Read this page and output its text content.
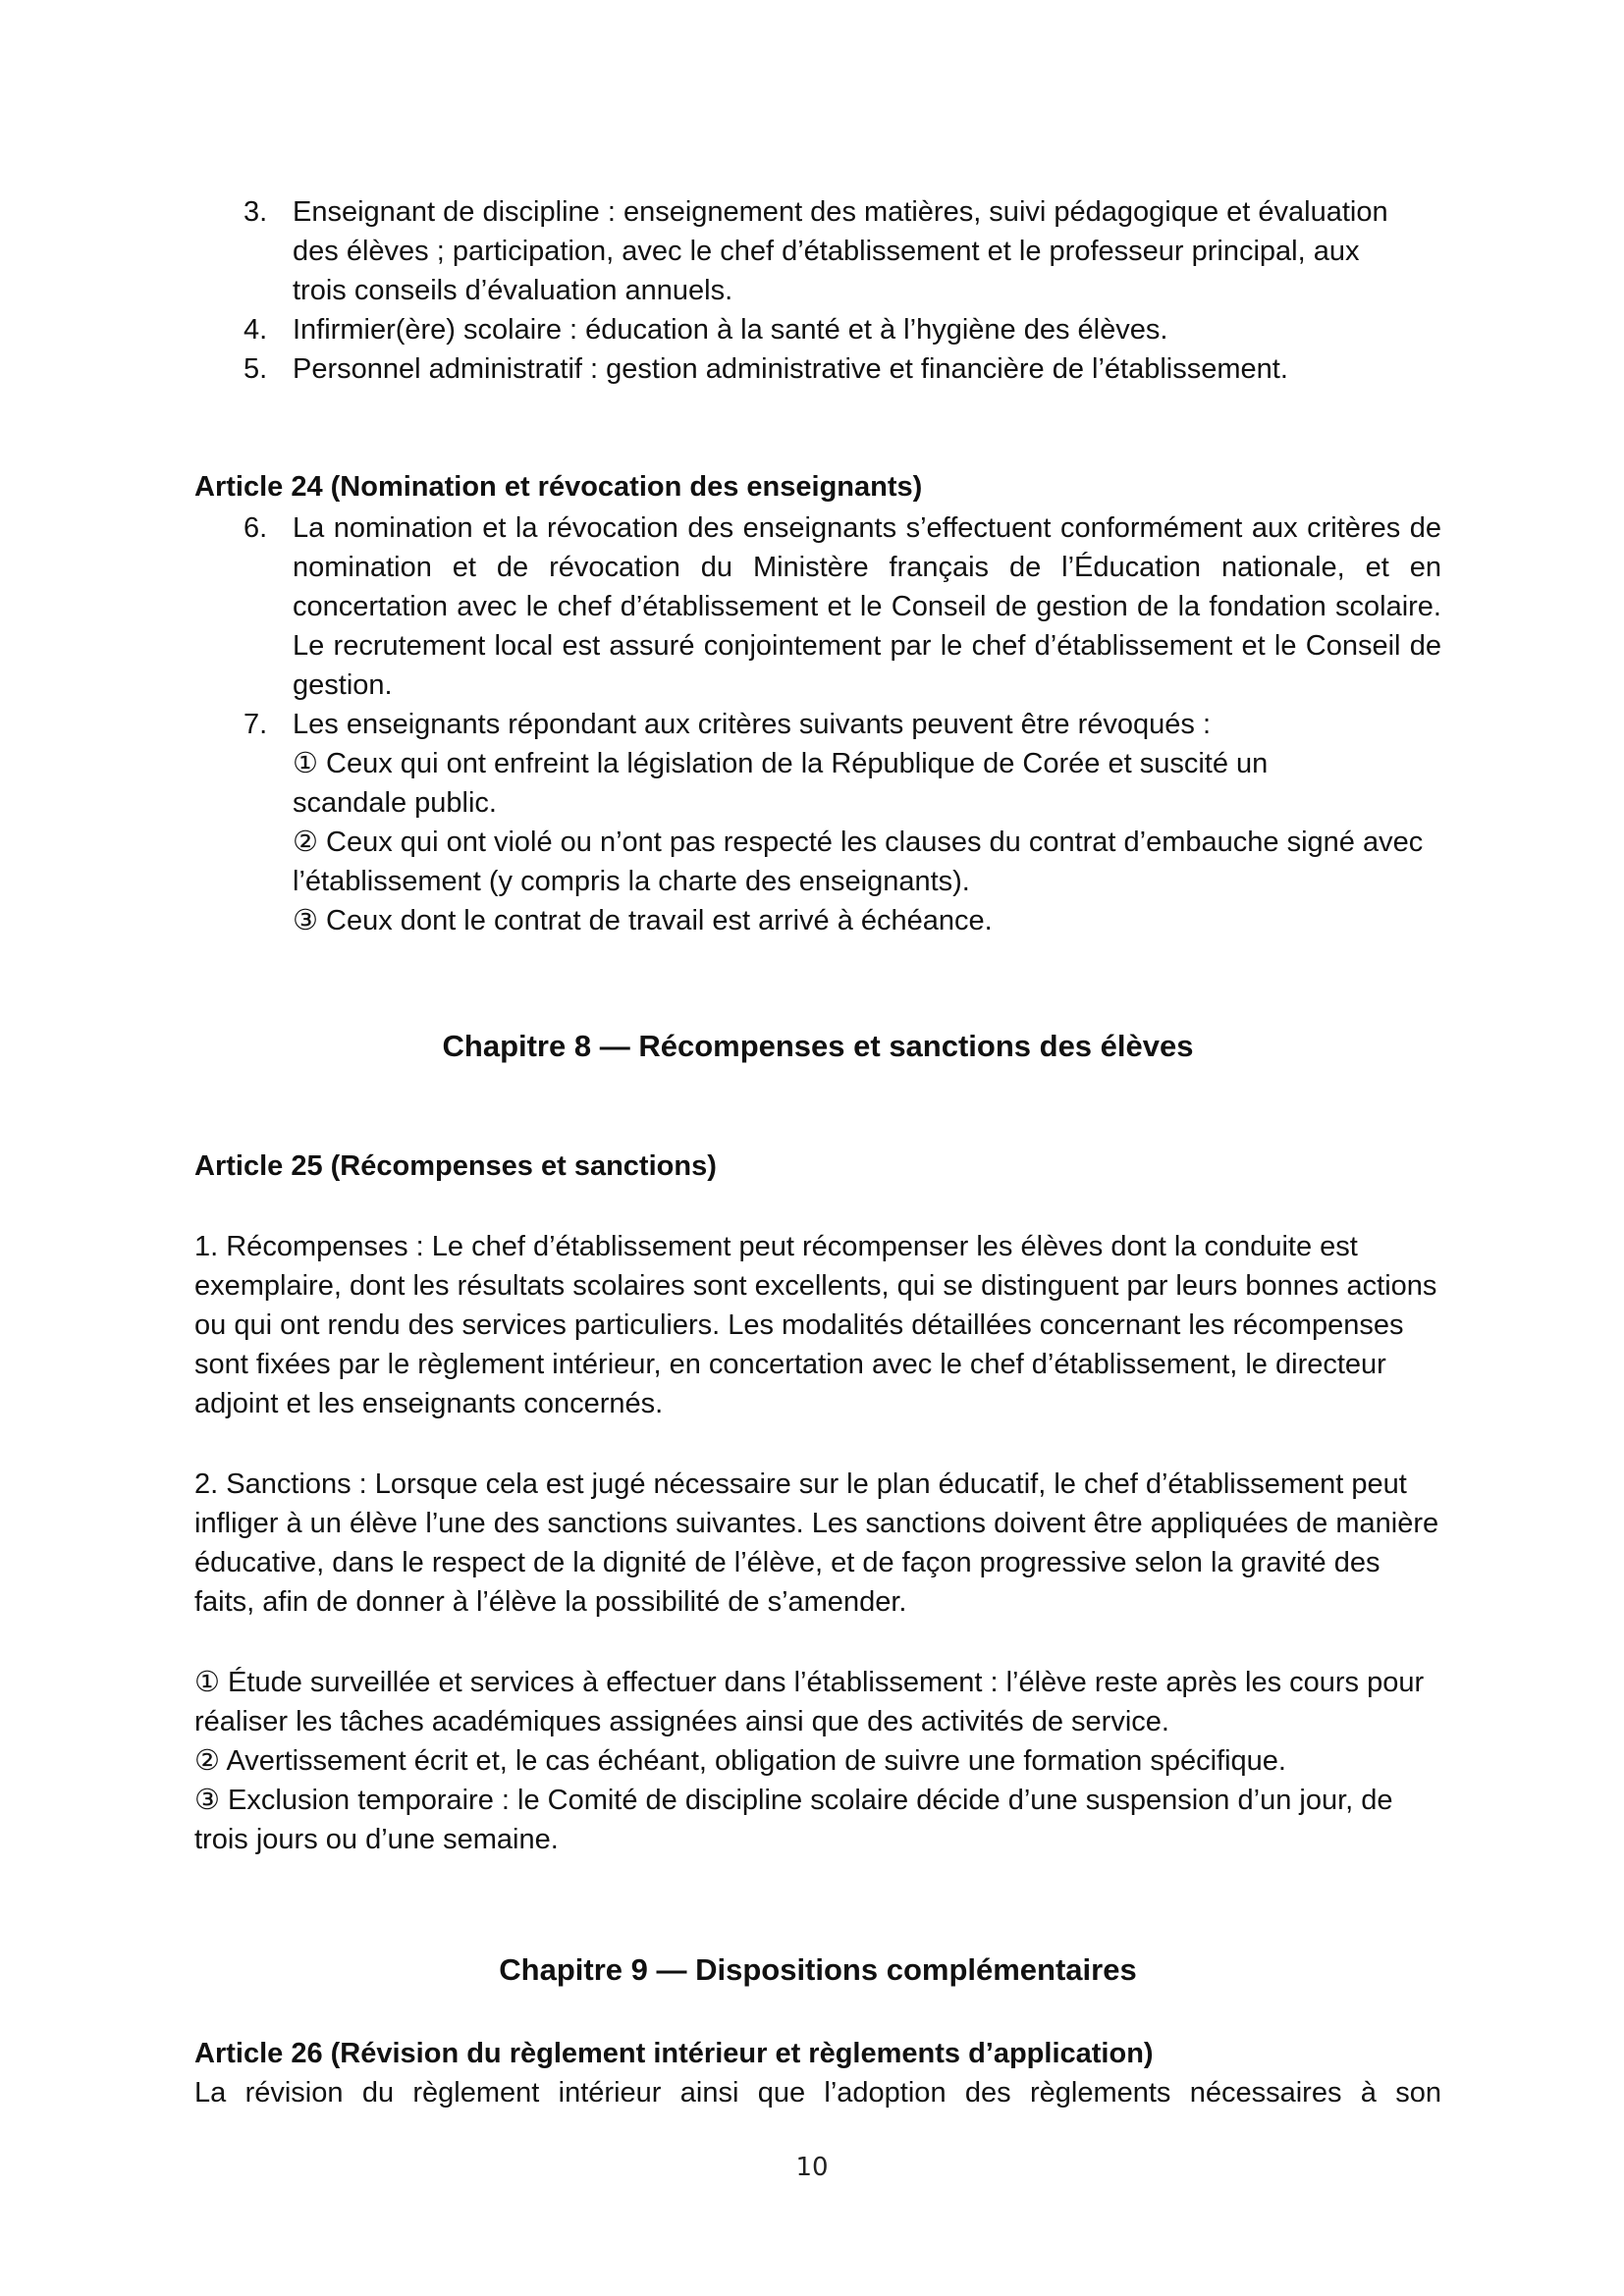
3. Enseignant de discipline : enseignement des matières, suivi pédagogique et évaluation des élèves ; participation, avec le chef d’établissement et le professeur principal, aux trois conseils d’évaluation annuels.
4. Infirmier(ère) scolaire : éducation à la santé et à l’hygiène des élèves.
5. Personnel administratif : gestion administrative et financière de l’établissement.
Article 24 (Nomination et révocation des enseignants)
6. La nomination et la révocation des enseignants s’effectuent conformément aux critères de nomination et de révocation du Ministère français de l’Éducation nationale, et en concertation avec le chef d’établissement et le Conseil de gestion de la fondation scolaire. Le recrutement local est assuré conjointement par le chef d’établissement et le Conseil de gestion.
7. Les enseignants répondant aux critères suivants peuvent être révoqués :
① Ceux qui ont enfreint la législation de la République de Corée et suscité un scandale public.
② Ceux qui ont violé ou n’ont pas respecté les clauses du contrat d’embauche signé avec l’établissement (y compris la charte des enseignants).
③ Ceux dont le contrat de travail est arrivé à échéance.
Chapitre 8 — Récompenses et sanctions des élèves
Article 25 (Récompenses et sanctions)
1. Récompenses : Le chef d’établissement peut récompenser les élèves dont la conduite est exemplaire, dont les résultats scolaires sont excellents, qui se distinguent par leurs bonnes actions ou qui ont rendu des services particuliers. Les modalités détaillées concernant les récompenses sont fixées par le règlement intérieur, en concertation avec le chef d’établissement, le directeur adjoint et les enseignants concernés.
2. Sanctions : Lorsque cela est jugé nécessaire sur le plan éducatif, le chef d’établissement peut infliger à un élève l’une des sanctions suivantes. Les sanctions doivent être appliquées de manière éducative, dans le respect de la dignité de l’élève, et de façon progressive selon la gravité des faits, afin de donner à l’élève la possibilité de s’amender.
① Étude surveillée et services à effectuer dans l’établissement : l’élève reste après les cours pour réaliser les tâches académiques assignées ainsi que des activités de service.
② Avertissement écrit et, le cas échéant, obligation de suivre une formation spécifique.
③ Exclusion temporaire : le Comité de discipline scolaire décide d’une suspension d’un jour, de trois jours ou d’une semaine.
Chapitre 9 — Dispositions complémentaires
Article 26 (Révision du règlement intérieur et règlements d’application)
La révision du règlement intérieur ainsi que l’adoption des règlements nécessaires à son
10
